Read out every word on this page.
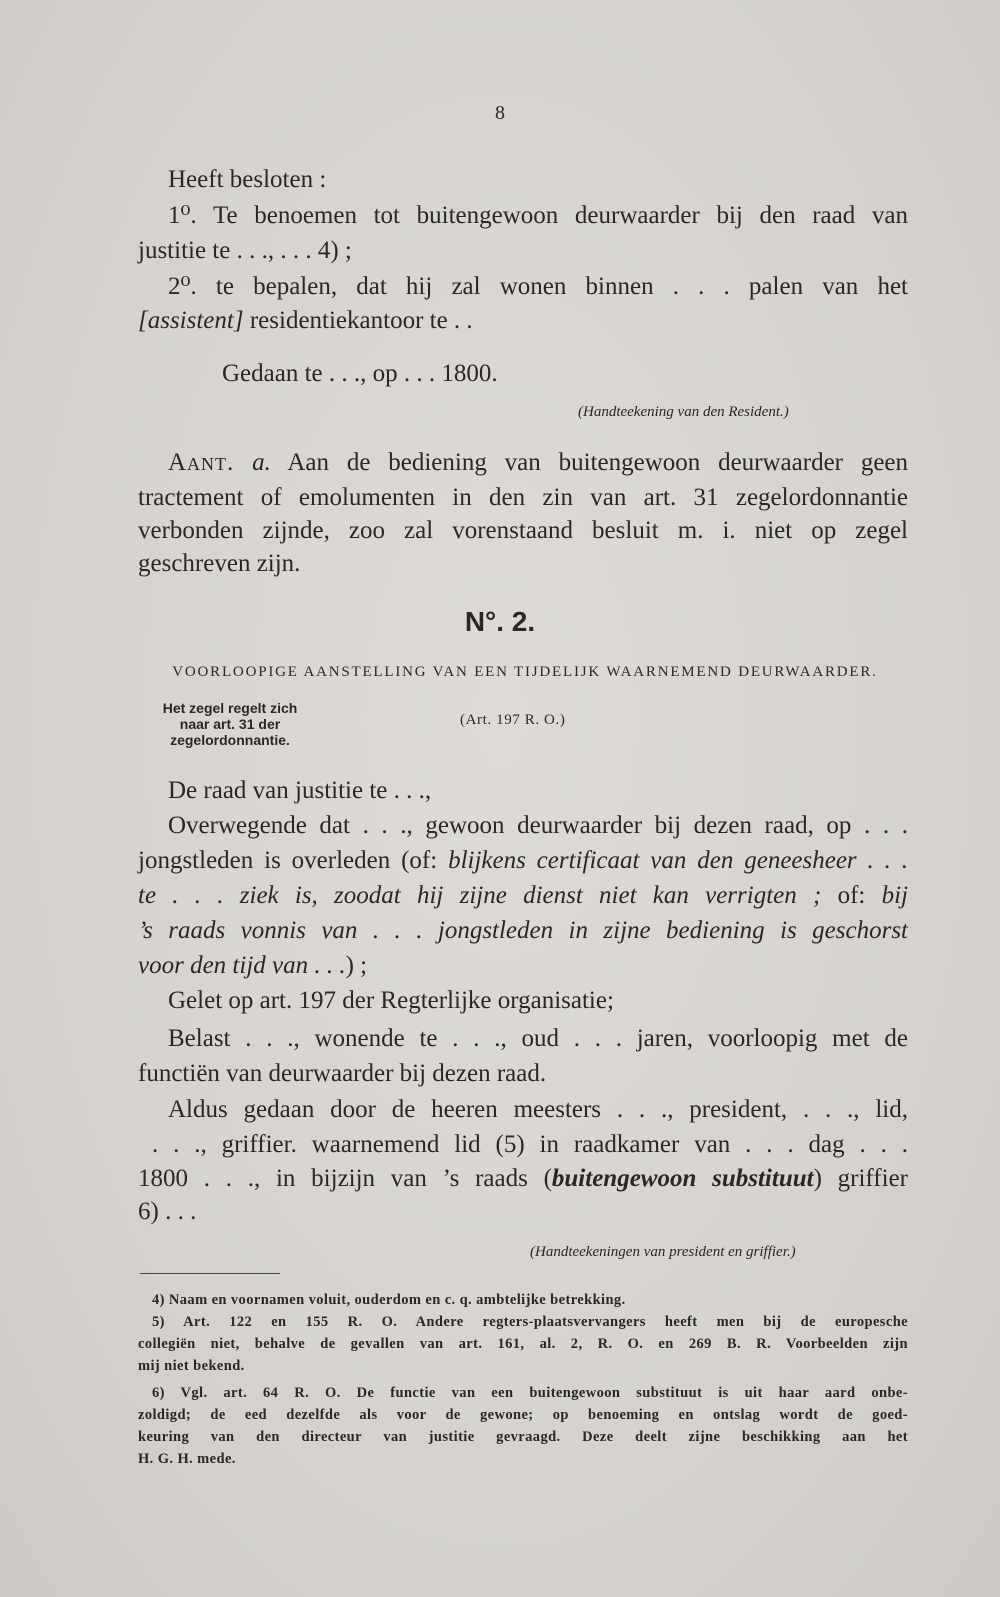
8
Heeft besloten :
1⁰. Te benoemen tot buitengewoon deurwaarder bij den raad van
justitie te . . ., . . . 4) ;
2⁰. te bepalen, dat hij zal wonen binnen . . . palen van het
[assistent] residentiekantoor te . .
Gedaan te . . ., op . . . 1800.
(Handteekening van den Resident.)
Aant. a. Aan de bediening van buitengewoon deurwaarder geen
tractement of emolumenten in den zin van art. 31 zegelordonnantie
verbonden zijnde, zoo zal vorenstaand besluit m. i. niet op zegel
geschreven zijn.
N°. 2.
VOORLOOPIGE AANSTELLING VAN EEN TIJDELIJK WAARNEMEND DEURWAARDER.
Het zegel regelt zich
naar art. 31 der
zegelordonnantie.
(Art. 197 R. O.)
De raad van justitie te . . .,
Overwegende dat . . ., gewoon deurwaarder bij dezen raad, op . . .
jongstleden is overleden (of: blijkens certificaat van den geneesheer . . .
te . . . ziek is, zoodat hij zijne dienst niet kan verrigten ; of: bij
’s raads vonnis van . . . jongstleden in zijne bediening is geschorst
voor den tijd van . . .) ;
Gelet op art. 197 der Regterlijke organisatie;
Belast . . ., wonende te . . ., oud . . . jaren, voorloopig met de
functiën van deurwaarder bij dezen raad.
Aldus gedaan door de heeren meesters . . ., president, . . ., lid,
. . ., griffier. waarnemend lid (5) in raadkamer van . . . dag . . .
1800 . . ., in bijzijn van ’s raads (buitengewoon substituut) griffier
6) . . .
(Handteekeningen van president en griffier.)
4) Naam en voornamen voluit, ouderdom en c. q. ambtelijke betrekking.
5) Art. 122 en 155 R. O. Andere regters-plaatsvervangers heeft men bij de europesche
collegiën niet, behalve de gevallen van art. 161, al. 2, R. O. en 269 B. R. Voorbeelden zijn
mij niet bekend.
6) Vgl. art. 64 R. O. De functie van een buitengewoon substituut is uit haar aard onbe-
zoldigd; de eed dezelfde als voor de gewone; op benoeming en ontslag wordt de goed-
keuring van den directeur van justitie gevraagd. Deze deelt zijne beschikking aan het
H. G. H. mede.
